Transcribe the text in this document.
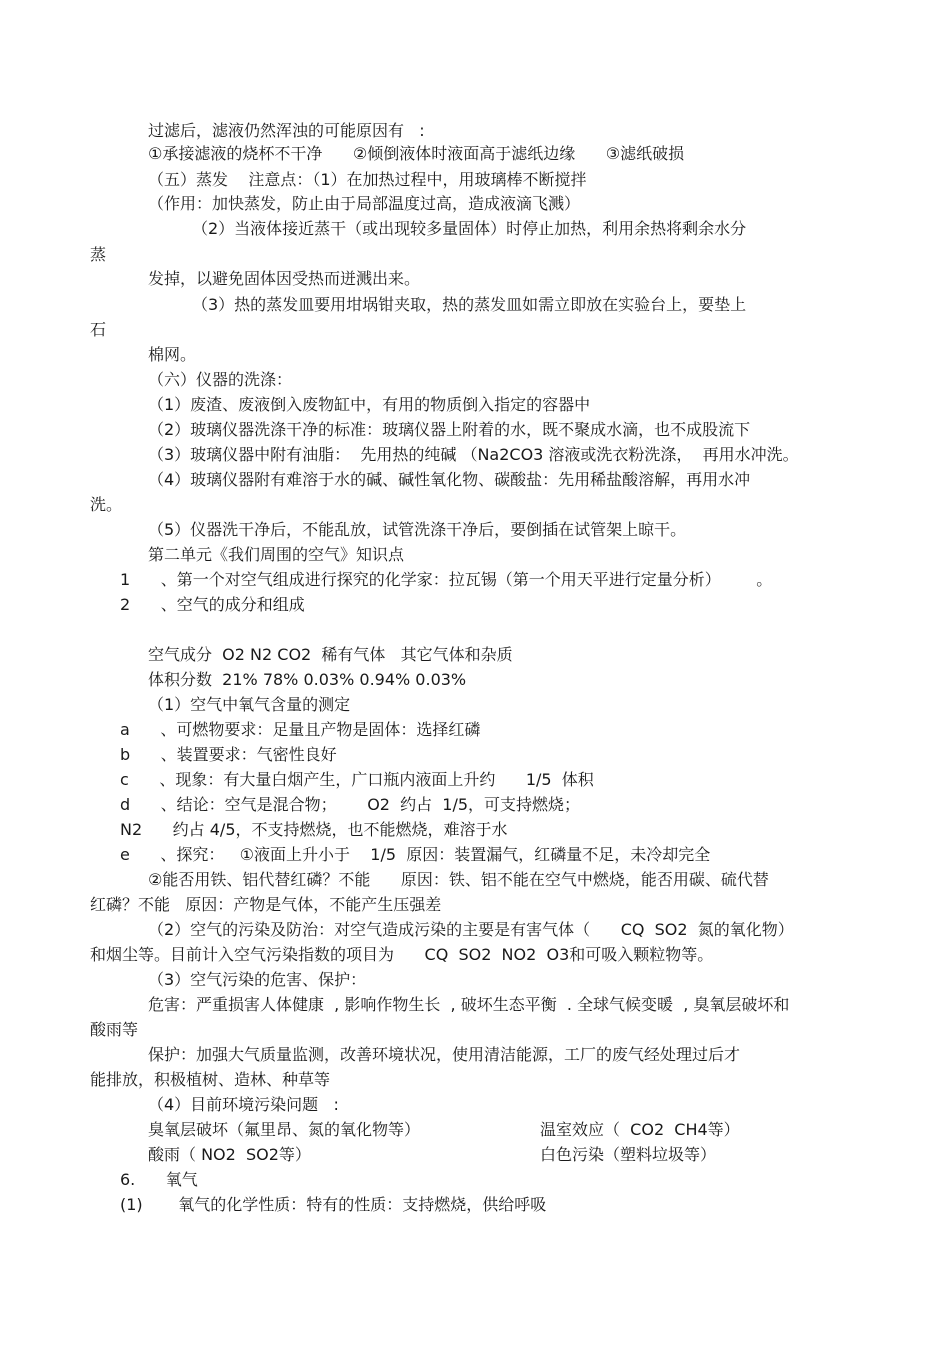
过滤后，滤液仍然浑浊的可能原因有   :
①承接滤液的烧杯不干净      ②倾倒液体时液面高于滤纸边缘      ③滤纸破损
（五）蒸发    注意点：（1）在加热过程中，用玻璃棒不断搅拌
（作用：加快蒸发，防止由于局部温度过高，造成液滴飞溅）
（2）当液体接近蒸干（或出现较多量固体）时停止加热，利用余热将剩余水分
蒸
发掉，以避免固体因受热而迸溅出来。
（3）热的蒸发皿要用坩埚钳夹取，热的蒸发皿如需立即放在实验台上，要垫上
石
棉网。
（六）仪器的洗涤：
（1）废渣、废液倒入废物缸中，有用的物质倒入指定的容器中
（2）玻璃仪器洗涤干净的标准：玻璃仪器上附着的水，既不聚成水滴，也不成股流下
（3）玻璃仪器中附有油脂：  先用热的纯碱 （Na2CO3 溶液或洗衣粉洗涤，  再用水冲洗。
（4）玻璃仪器附有难溶于水的碱、碱性氧化物、碳酸盐：先用稀盐酸溶解，再用水冲
洗。
（5）仪器洗干净后，不能乱放，试管洗涤干净后，要倒插在试管架上晾干。
第二单元《我们周围的空气》知识点
1      、第一个对空气组成进行探究的化学家：拉瓦锡（第一个用天平进行定量分析）       。
2      、空气的成分和组成
空气成分  O2 N2 CO2  稀有气体   其它气体和杂质
体积分数  21% 78% 0.03% 0.94% 0.03%
（1）空气中氧气含量的测定
a      、可燃物要求：足量且产物是固体：选择红磷
b      、装置要求：气密性良好
c      、现象：有大量白烟产生，广口瓶内液面上升约      1/5  体积
d      、结论：空气是混合物；      O2  约占  1/5，可支持燃烧；
N2      约占 4/5，不支持燃烧，也不能燃烧，难溶于水
e      、探究：   ①液面上升小于    1/5  原因：装置漏气，红磷量不足，未冷却完全
②能否用铁、铝代替红磷？不能      原因：铁、铝不能在空气中燃烧，能否用碳、硫代替
红磷？不能   原因：产物是气体，不能产生压强差
（2）空气的污染及防治：对空气造成污染的主要是有害气体（      CQ  SO2  氮的氧化物）
和烟尘等。目前计入空气污染指数的项目为      CQ  SO2  NO2  O3和可吸入颗粒物等。
（3）空气污染的危害、保护：
危害：严重损害人体健康  , 影响作物生长  , 破坏生态平衡  . 全球气候变暖  , 臭氧层破坏和
酸雨等
保护：加强大气质量监测，改善环境状况，使用清洁能源，工厂的废气经处理过后才
能排放，积极植树、造林、种草等
（4）目前环境污染问题   :
臭氧层破坏（氟里昂、氮的氧化物等）	温室效应（  CO2  CH4等）
酸雨（ NO2  SO2等）	白色污染（塑料垃圾等）
6.      氧气
(1)       氧气的化学性质：特有的性质：支持燃烧，供给呼吸
